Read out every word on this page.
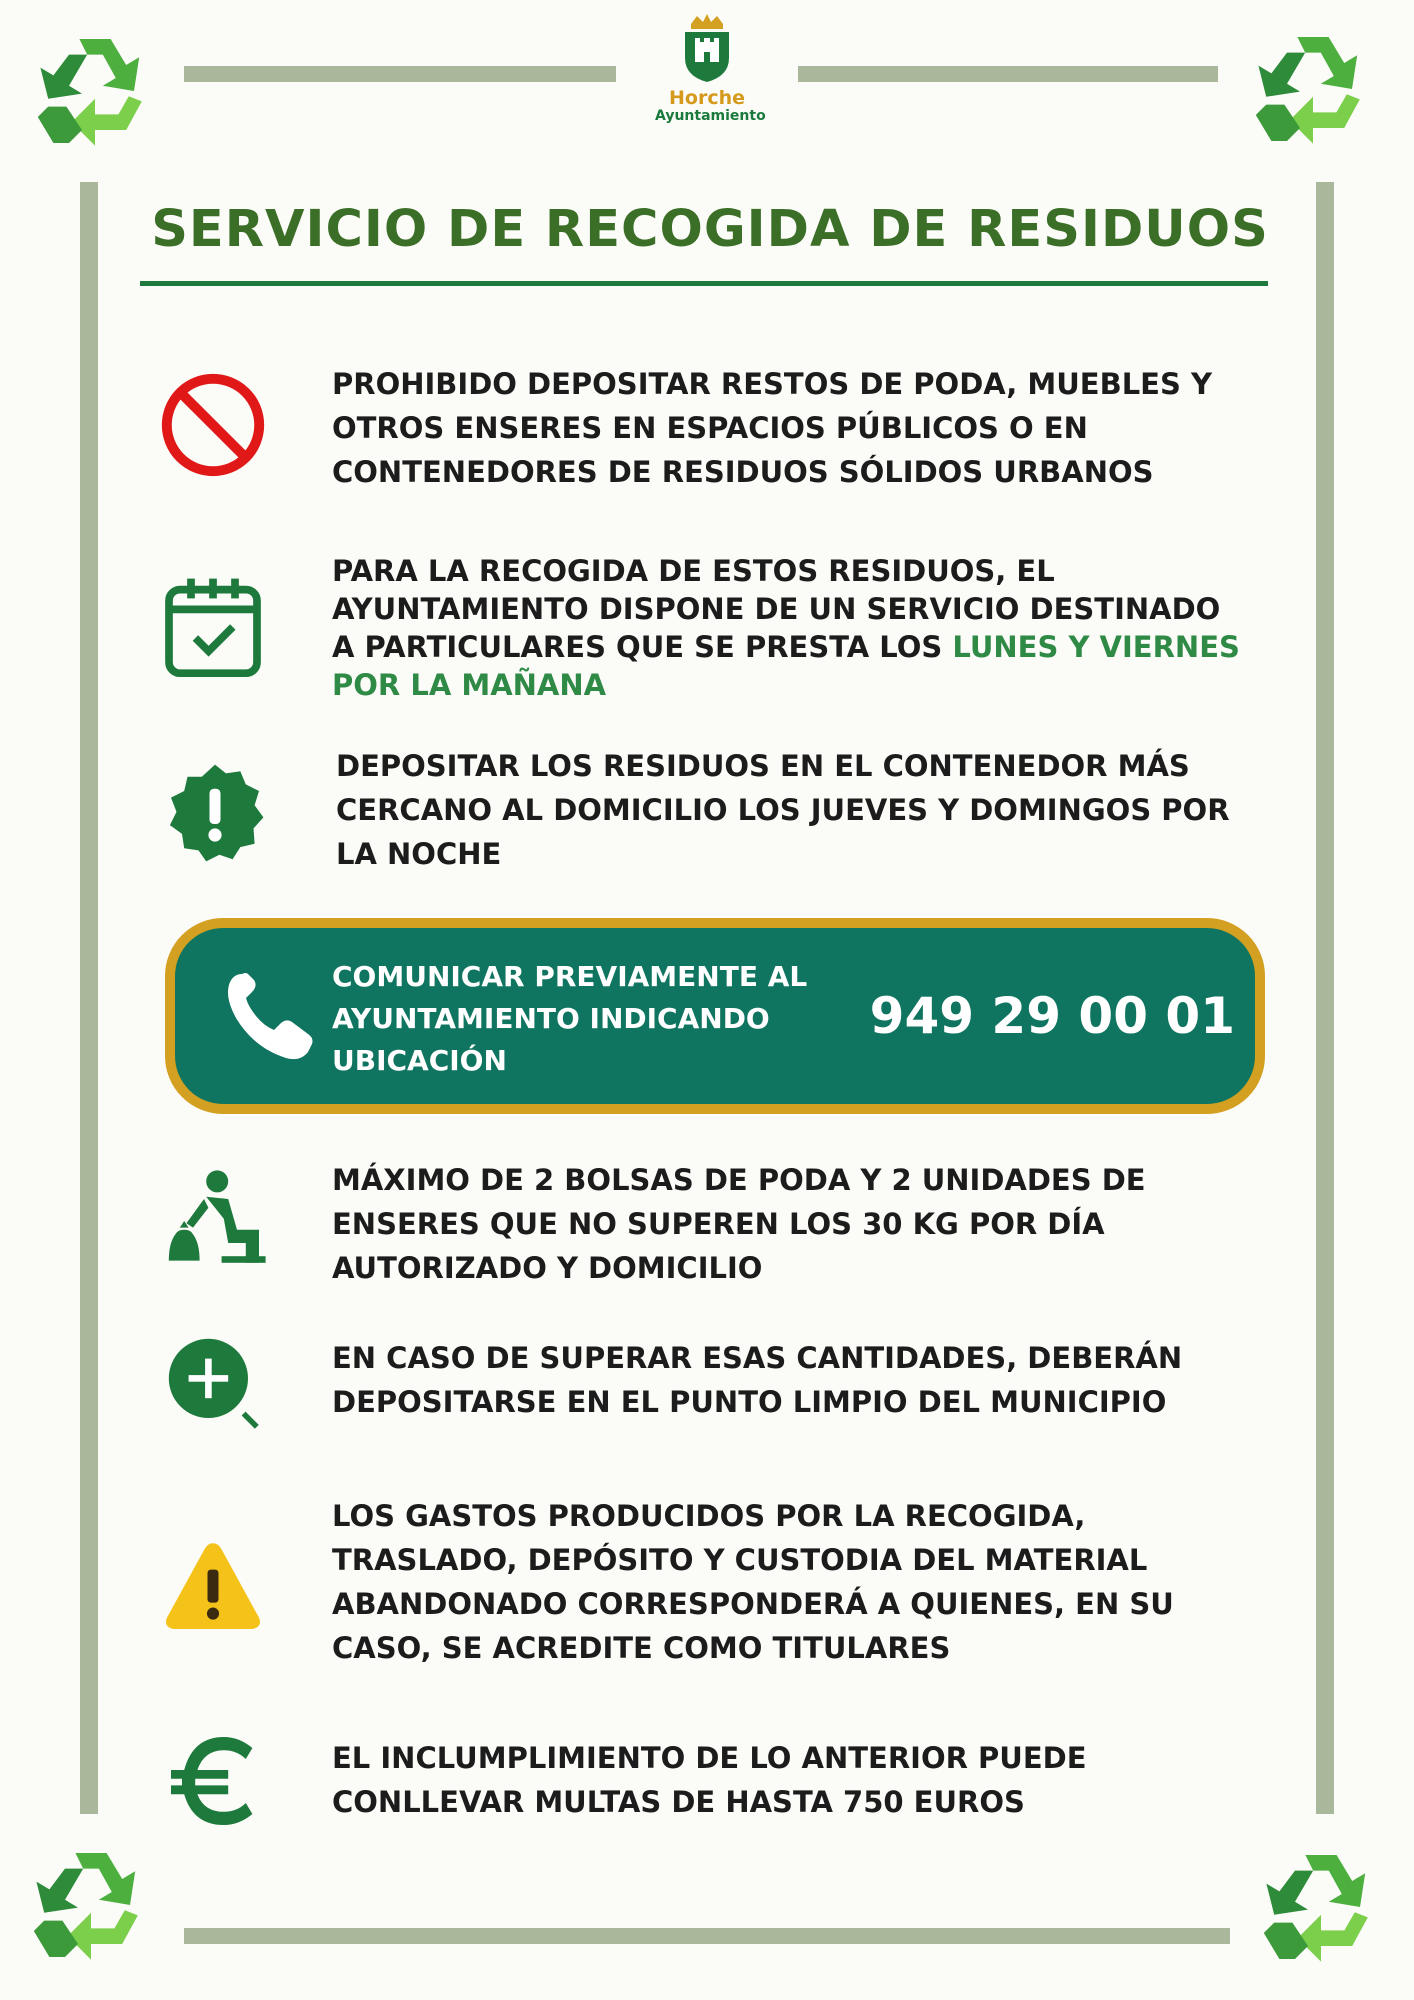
Horche
Ayuntamiento
SERVICIO DE RECOGIDA DE RESIDUOS
PROHIBIDO DEPOSITAR RESTOS DE PODA, MUEBLES Y OTROS ENSERES EN ESPACIOS PÚBLICOS O EN CONTENEDORES DE RESIDUOS SÓLIDOS URBANOS
PARA LA RECOGIDA DE ESTOS RESIDUOS, EL AYUNTAMIENTO DISPONE DE UN SERVICIO DESTINADO A PARTICULARES QUE SE PRESTA LOS LUNES Y VIERNES POR LA MAÑANA
DEPOSITAR LOS RESIDUOS EN EL CONTENEDOR MÁS CERCANO AL DOMICILIO LOS JUEVES Y DOMINGOS POR LA NOCHE
COMUNICAR PREVIAMENTE AL AYUNTAMIENTO INDICANDO UBICACIÓN
949 29 00 01
MÁXIMO DE 2 BOLSAS DE PODA Y 2 UNIDADES DE ENSERES QUE NO SUPEREN LOS 30 KG POR DÍA AUTORIZADO Y DOMICILIO
EN CASO DE SUPERAR ESAS CANTIDADES, DEBERÁN DEPOSITARSE EN EL PUNTO LIMPIO DEL MUNICIPIO
LOS GASTOS PRODUCIDOS POR LA RECOGIDA, TRASLADO, DEPÓSITO Y CUSTODIA DEL MATERIAL ABANDONADO CORRESPONDERÁ A QUIENES, EN SU CASO, SE ACREDITE COMO TITULARES
EL INCLUMPLIMIENTO DE LO ANTERIOR PUEDE CONLLEVAR MULTAS DE HASTA 750 EUROS
